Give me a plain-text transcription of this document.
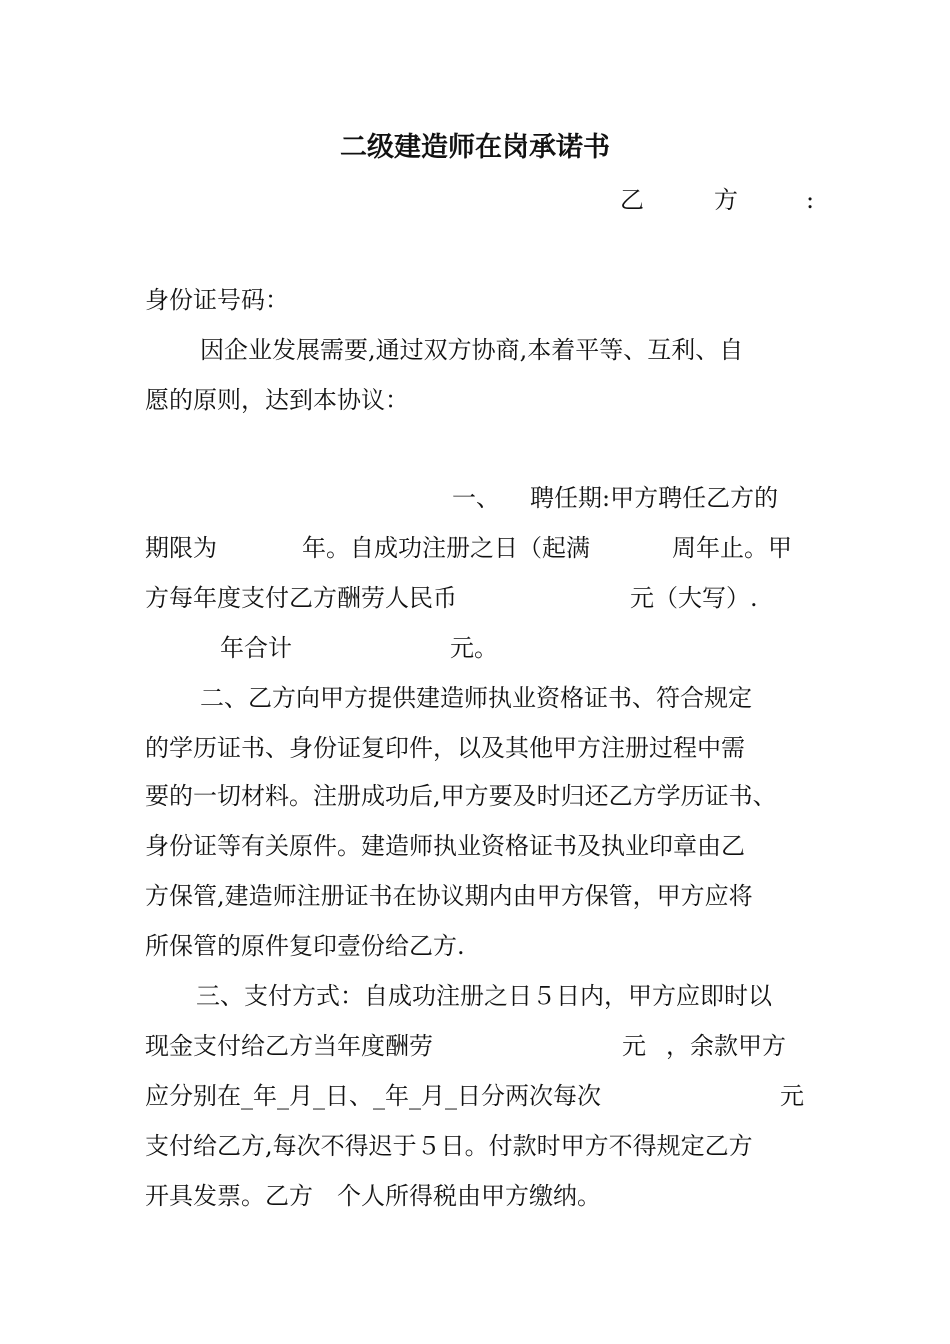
二级建造师在岗承诺书
乙	方	:
身份证号码：
因企业发展需要,通过双方协商,本着平等、互利、自
愿的原则，达到本协议：
一、 聘任期:甲方聘任乙方的
期限为	年。自成功注册之日（起满	周年止。甲
方每年度支付乙方酬劳人民币	元（大写）.
年合计	元。
二、乙方向甲方提供建造师执业资格证书、符合规定
的学历证书、身份证复印件，以及其他甲方注册过程中需
要的一切材料。注册成功后,甲方要及时归还乙方学历证书、
身份证等有关原件。建造师执业资格证书及执业印章由乙
方保管,建造师注册证书在协议期内由甲方保管，甲方应将
所保管的原件复印壹份给乙方.
三、支付方式：自成功注册之日５日内，甲方应即时以
现金支付给乙方当年度酬劳	元 ，余款甲方
应分别在_年_月_日、_年_月_日分两次每次	元
支付给乙方,每次不得迟于５日。付款时甲方不得规定乙方
开具发票。乙方　个人所得税由甲方缴纳。
